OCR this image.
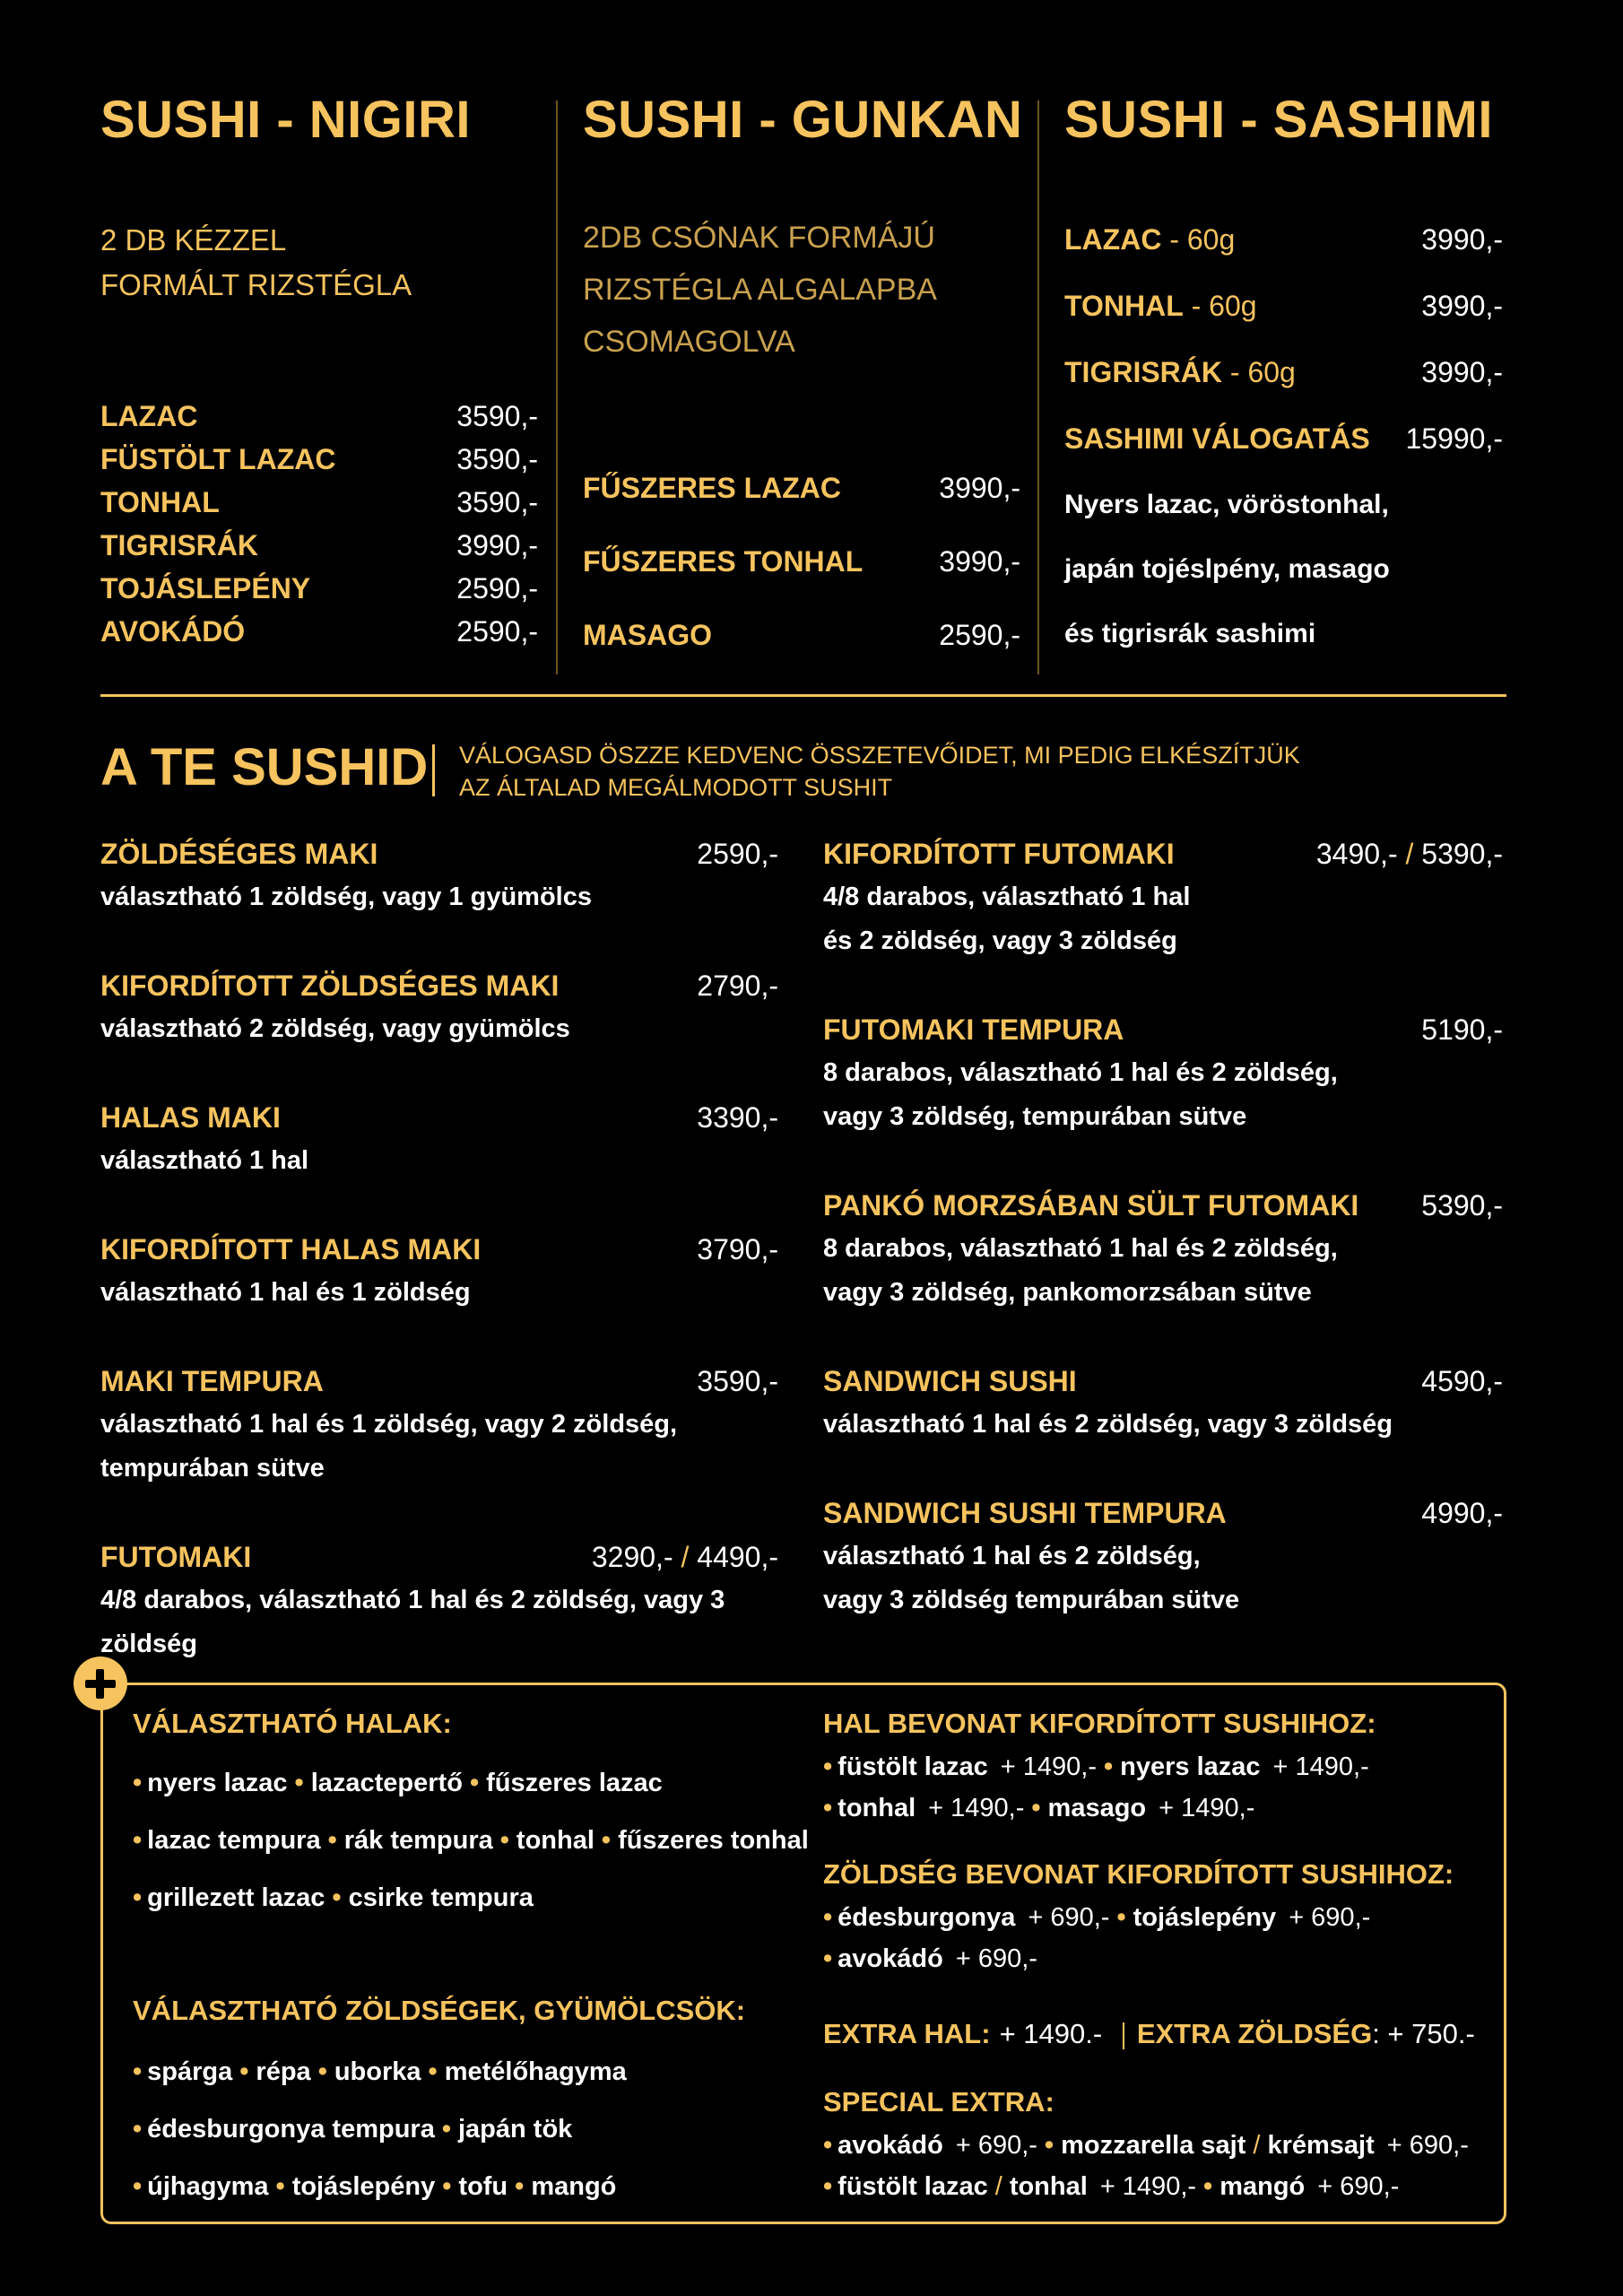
SUSHI - NIGIRI
2 DB KÉZZEL
FORMÁLT RIZSTÉGLA
LAZAC	3590,-
FÜSTÖLT LAZAC	3590,-
TONHAL	3590,-
TIGRISRÁK	3990,-
TOJÁSLEPÉNY	2590,-
AVOKÁDÓ	2590,-
SUSHI - GUNKAN
2DB CSÓNAK FORMÁJÚ
RIZSTÉGLA ALGALAPBA
CSOMAGOLVA
FŰSZERES LAZAC	3990,-
FŰSZERES TONHAL	3990,-
MASAGO	2590,-
SUSHI - SASHIMI
LAZAC - 60g	3990,-
TONHAL - 60g	3990,-
TIGRISRÁK - 60g	3990,-
SASHIMI VÁLOGATÁS 15990,-
Nyers lazac, vöröstonhal,
japán tojéslpény, masago
és tigrisrák sashimi
A TE SUSHID VÁLOGASD ÖSZZE KEDVENC ÖSSZETEVŐIDET, MI PEDIG ELKÉSZÍTJÜK
AZ ÁLTALAD MEGÁLMODOTT SUSHIT
ZÖLDÉSÉGES MAKI	2590,-
választható 1 zöldség, vagy 1 gyümölcs
KIFORDÍTOTT ZÖLDSÉGES MAKI	2790,-
választható 2 zöldség, vagy gyümölcs
HALAS MAKI	3390,-
választható 1 hal
KIFORDÍTOTT HALAS MAKI	3790,-
választható 1 hal és 1 zöldség
MAKI TEMPURA	3590,-
választható 1 hal és 1 zöldség, vagy 2 zöldség,
tempurában sütve
FUTOMAKI	3290,- / 4490,-
4/8 darabos, választható 1 hal és 2 zöldség, vagy 3 zöldség
KIFORDÍTOTT FUTOMAKI	3490,- / 5390,-
4/8 darabos, választható 1 hal
és 2 zöldség, vagy 3 zöldség
FUTOMAKI TEMPURA	5190,-
8 darabos, választható 1 hal és 2 zöldség,
vagy 3 zöldség, tempurában sütve
PANKÓ MORZSÁBAN SÜLT FUTOMAKI 5390,-
8 darabos, választható 1 hal és 2 zöldség,
vagy 3 zöldség, pankomorzsában sütve
SANDWICH SUSHI	4590,-
választható 1 hal és 2 zöldség, vagy 3 zöldség
SANDWICH SUSHI TEMPURA	4990,-
választható 1 hal és 2 zöldség,
vagy 3 zöldség tempurában sütve
VÁLASZTHATÓ HALAK:
• nyers lazac • lazactepertő • fűszeres lazac
• lazac tempura • rák tempura • tonhal • fűszeres tonhal
• grillezett lazac • csirke tempura
VÁLASZTHATÓ ZÖLDSÉGEK, GYÜMÖLCSÖK:
• spárga • répa • uborka • metélőhagyma
• édesburgonya tempura • japán tök
• újhagyma • tojáslepény • tofu • mangó
HAL BEVONAT KIFORDÍTOTT SUSHIHOZ:
• füstölt lazac + 1490,- • nyers lazac + 1490,-
• tonhal + 1490,- • masago + 1490,-
ZÖLDSÉG BEVONAT KIFORDÍTOTT SUSHIHOZ:
• édesburgonya + 690,- • tojáslepény + 690,-
• avokádó + 690,-
EXTRA HAL: + 1490.- EXTRA ZÖLDSÉG: + 750.-
SPECIAL EXTRA:
• avokádó + 690,- • mozzarella sajt / krémsajt + 690,-
• füstölt lazac / tonhal + 1490,- • mangó + 690,-
